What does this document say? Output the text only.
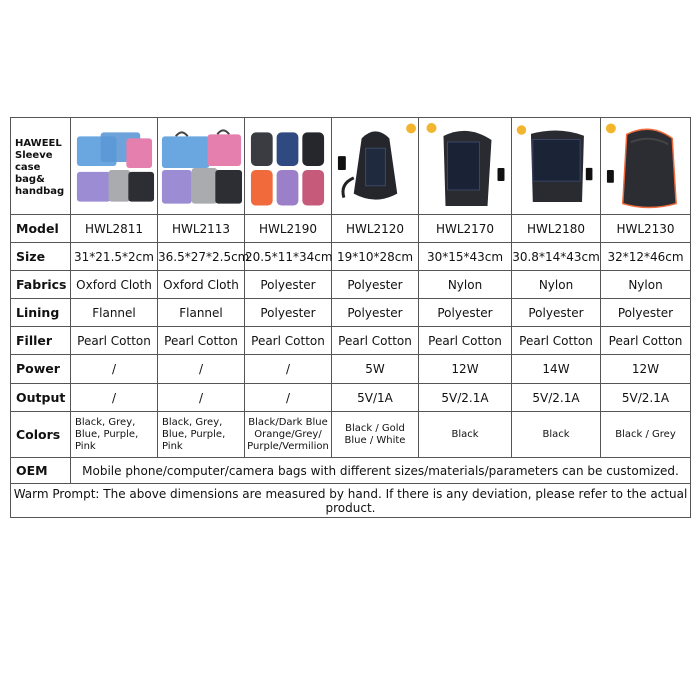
HAWEEL
Sleeve
case bag&
handbag	

Model	HWL2811	HWL2113	HWL2190	HWL2120	HWL2170	HWL2180	HWL2130
Size	31*21.5*2cm	36.5*27*2.5cm	20.5*11*34cm	19*10*28cm	30*15*43cm	30.8*14*43cm	32*12*46cm
Fabrics	Oxford Cloth	Oxford Cloth	Polyester	Polyester	Nylon	Nylon	Nylon
Lining	Flannel	Flannel	Polyester	Polyester	Polyester	Polyester	Polyester
Filler	Pearl Cotton	Pearl Cotton	Pearl Cotton	Pearl Cotton	Pearl Cotton	Pearl Cotton	Pearl Cotton
Power	/	/	/	5W	12W	14W	12W
Output	/	/	/	5V/1A	5V/2.1A	5V/2.1A	5V/2.1A
Colors	Black, Grey,
Blue, Purple,
Pink	Black, Grey,
Blue, Purple,
Pink	Black/Dark Blue
Orange/Grey/
Purple/Vermilion	Black / Gold
Blue / White	Black	Black	Black / Grey
OEM	Mobile phone/computer/camera bags with different sizes/materials/parameters can be customized.						
Warm Prompt: The above dimensions are measured by hand. If there is any deviation, please refer to the actual product.							
